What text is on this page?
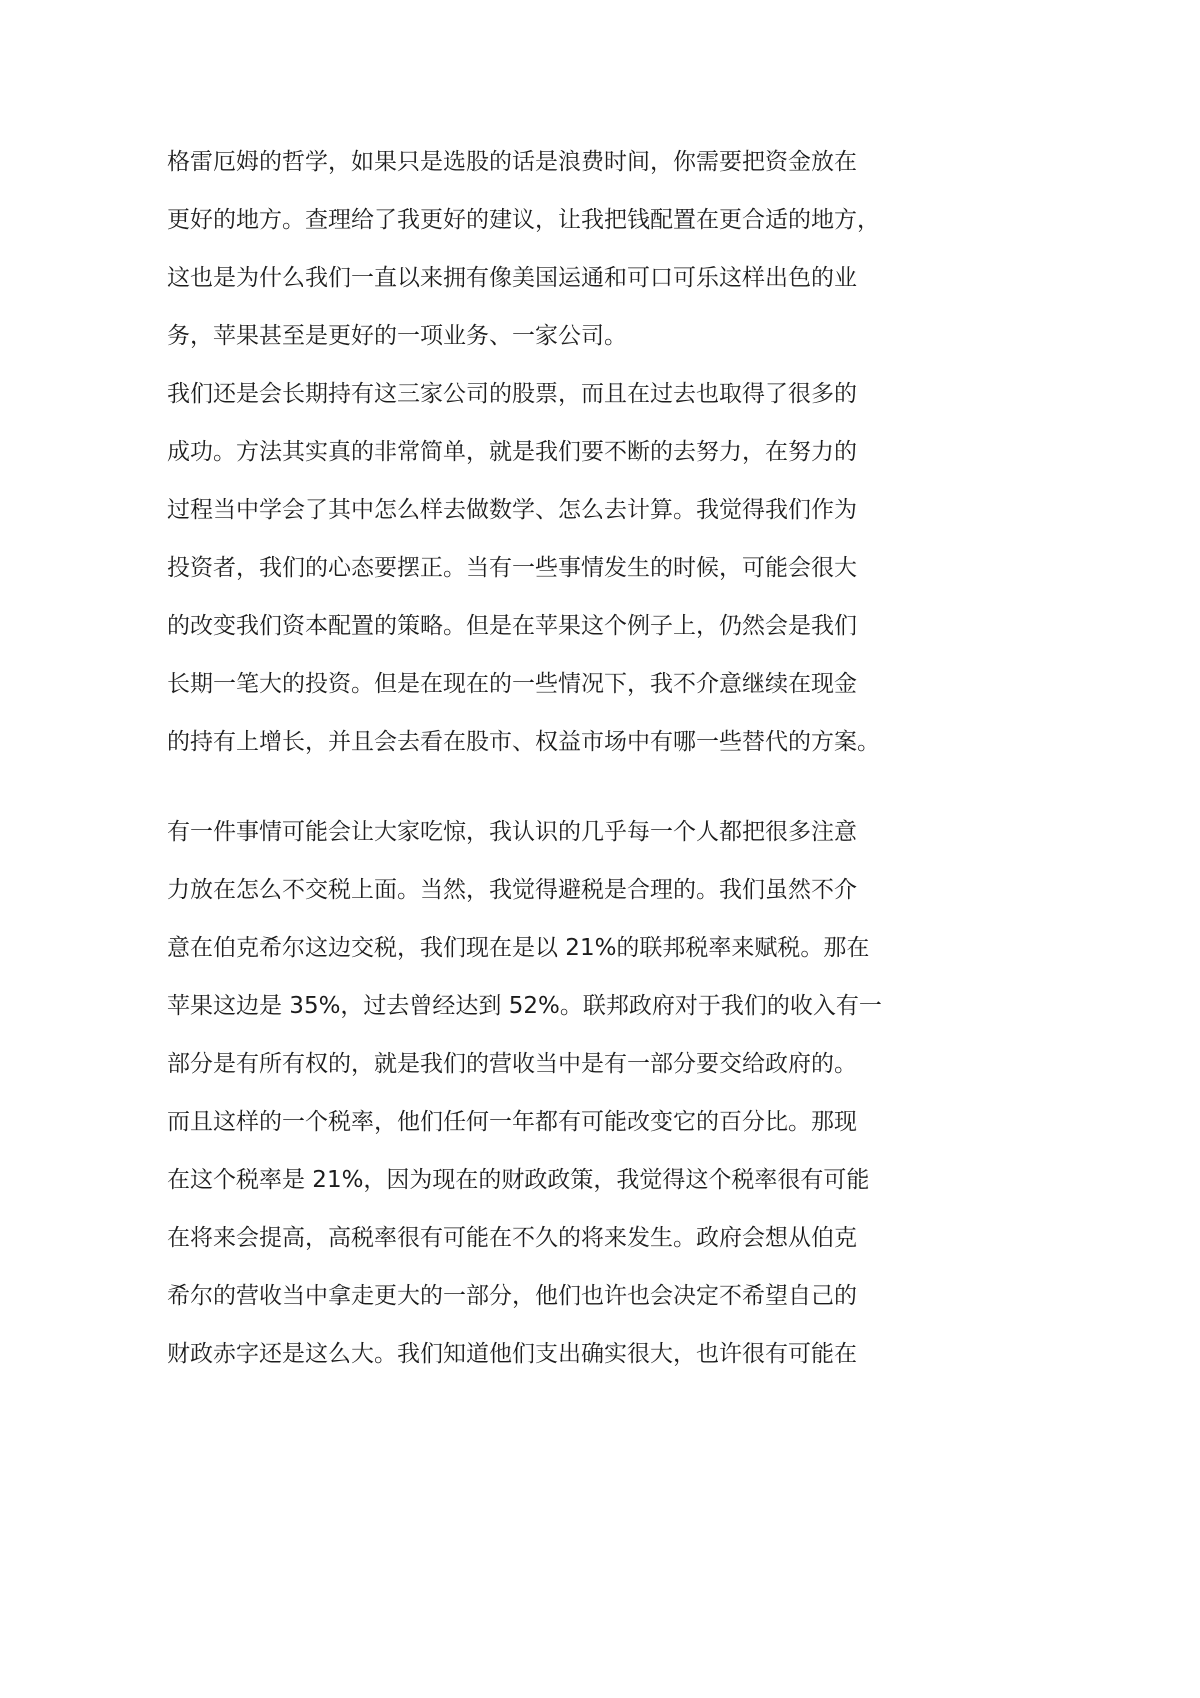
格雷厄姆的哲学，如果只是选股的话是浪费时间，你需要把资金放在
更好的地方。查理给了我更好的建议，让我把钱配置在更合适的地方，
这也是为什么我们一直以来拥有像美国运通和可口可乐这样出色的业
务，苹果甚至是更好的一项业务、一家公司。
我们还是会长期持有这三家公司的股票，而且在过去也取得了很多的
成功。方法其实真的非常简单，就是我们要不断的去努力，在努力的
过程当中学会了其中怎么样去做数学、怎么去计算。我觉得我们作为
投资者，我们的心态要摆正。当有一些事情发生的时候，可能会很大
的改变我们资本配置的策略。但是在苹果这个例子上，仍然会是我们
长期一笔大的投资。但是在现在的一些情况下，我不介意继续在现金
的持有上增长，并且会去看在股市、权益市场中有哪一些替代的方案。
有一件事情可能会让大家吃惊，我认识的几乎每一个人都把很多注意
力放在怎么不交税上面。当然，我觉得避税是合理的。我们虽然不介
意在伯克希尔这边交税，我们现在是以 21%的联邦税率来赋税。那在
苹果这边是 35%，过去曾经达到 52%。联邦政府对于我们的收入有一
部分是有所有权的，就是我们的营收当中是有一部分要交给政府的。
而且这样的一个税率，他们任何一年都有可能改变它的百分比。那现
在这个税率是 21%，因为现在的财政政策，我觉得这个税率很有可能
在将来会提高，高税率很有可能在不久的将来发生。政府会想从伯克
希尔的营收当中拿走更大的一部分，他们也许也会决定不希望自己的
财政赤字还是这么大。我们知道他们支出确实很大，也许很有可能在
